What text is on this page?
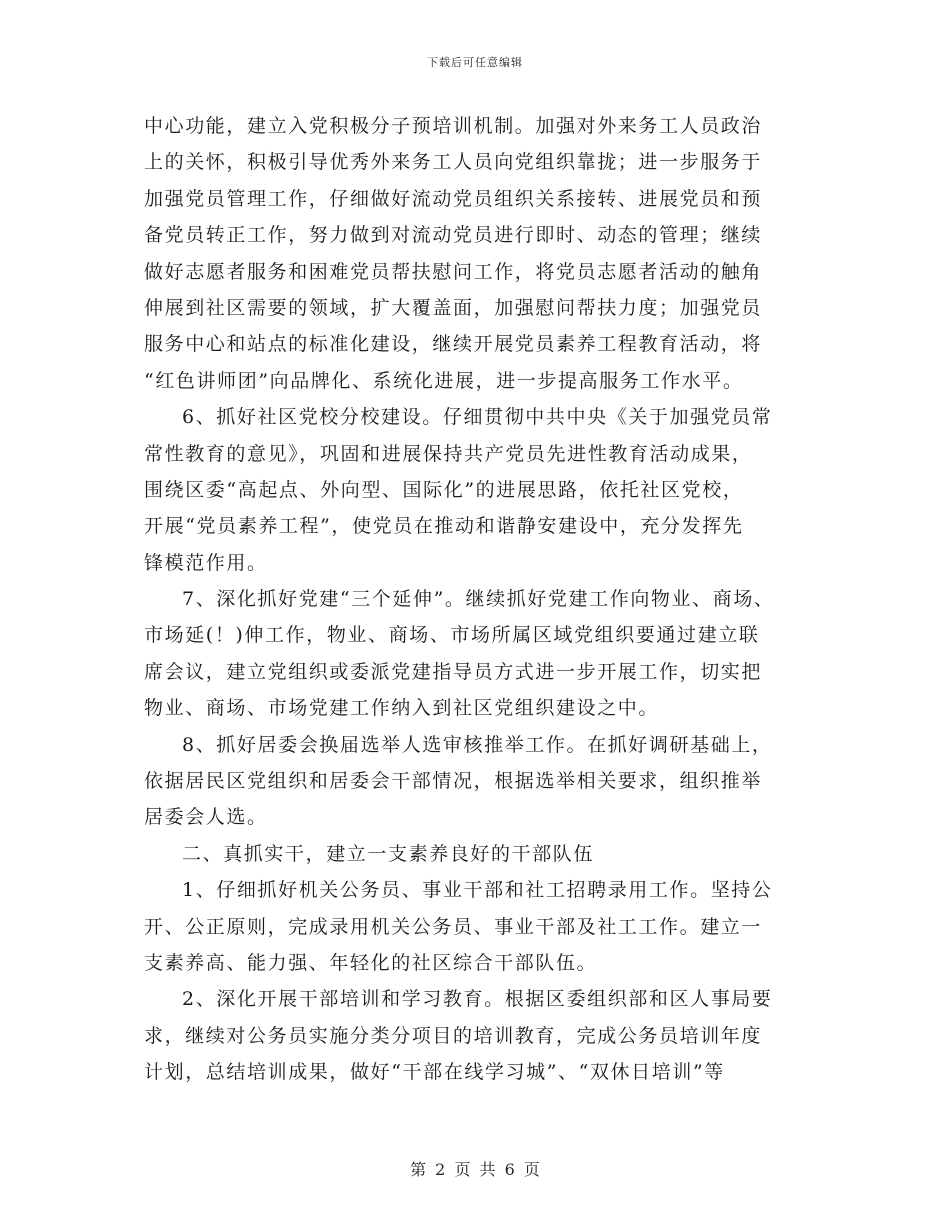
下载后可任意编辑
中心功能，建立入党积极分子预培训机制。加强对外来务工人员政治
上的关怀，积极引导优秀外来务工人员向党组织靠拢；进一步服务于
加强党员管理工作，仔细做好流动党员组织关系接转、进展党员和预
备党员转正工作，努力做到对流动党员进行即时、动态的管理；继续
做好志愿者服务和困难党员帮扶慰问工作，将党员志愿者活动的触角
伸展到社区需要的领域，扩大覆盖面，加强慰问帮扶力度；加强党员
服务中心和站点的标准化建设，继续开展党员素养工程教育活动，将
“红色讲师团”向品牌化、系统化进展，进一步提高服务工作水平。
6、抓好社区党校分校建设。仔细贯彻中共中央《关于加强党员常
常性教育的意见》，巩固和进展保持共产党员先进性教育活动成果，
围绕区委“高起点、外向型、国际化”的进展思路，依托社区党校，
开展“党员素养工程”，使党员在推动和谐静安建设中，充分发挥先
锋模范作用。
7、深化抓好党建“三个延伸”。继续抓好党建工作向物业、商场、
市场延(！)伸工作，物业、商场、市场所属区域党组织要通过建立联
席会议，建立党组织或委派党建指导员方式进一步开展工作，切实把
物业、商场、市场党建工作纳入到社区党组织建设之中。
8、抓好居委会换届选举人选审核推举工作。在抓好调研基础上，
依据居民区党组织和居委会干部情况，根据选举相关要求，组织推举
居委会人选。
二、真抓实干，建立一支素养良好的干部队伍
1、仔细抓好机关公务员、事业干部和社工招聘录用工作。坚持公
开、公正原则，完成录用机关公务员、事业干部及社工工作。建立一
支素养高、能力强、年轻化的社区综合干部队伍。
2、深化开展干部培训和学习教育。根据区委组织部和区人事局要
求，继续对公务员实施分类分项目的培训教育，完成公务员培训年度
计划，总结培训成果，做好“干部在线学习城”、“双休日培训”等
第 2 页 共 6 页
